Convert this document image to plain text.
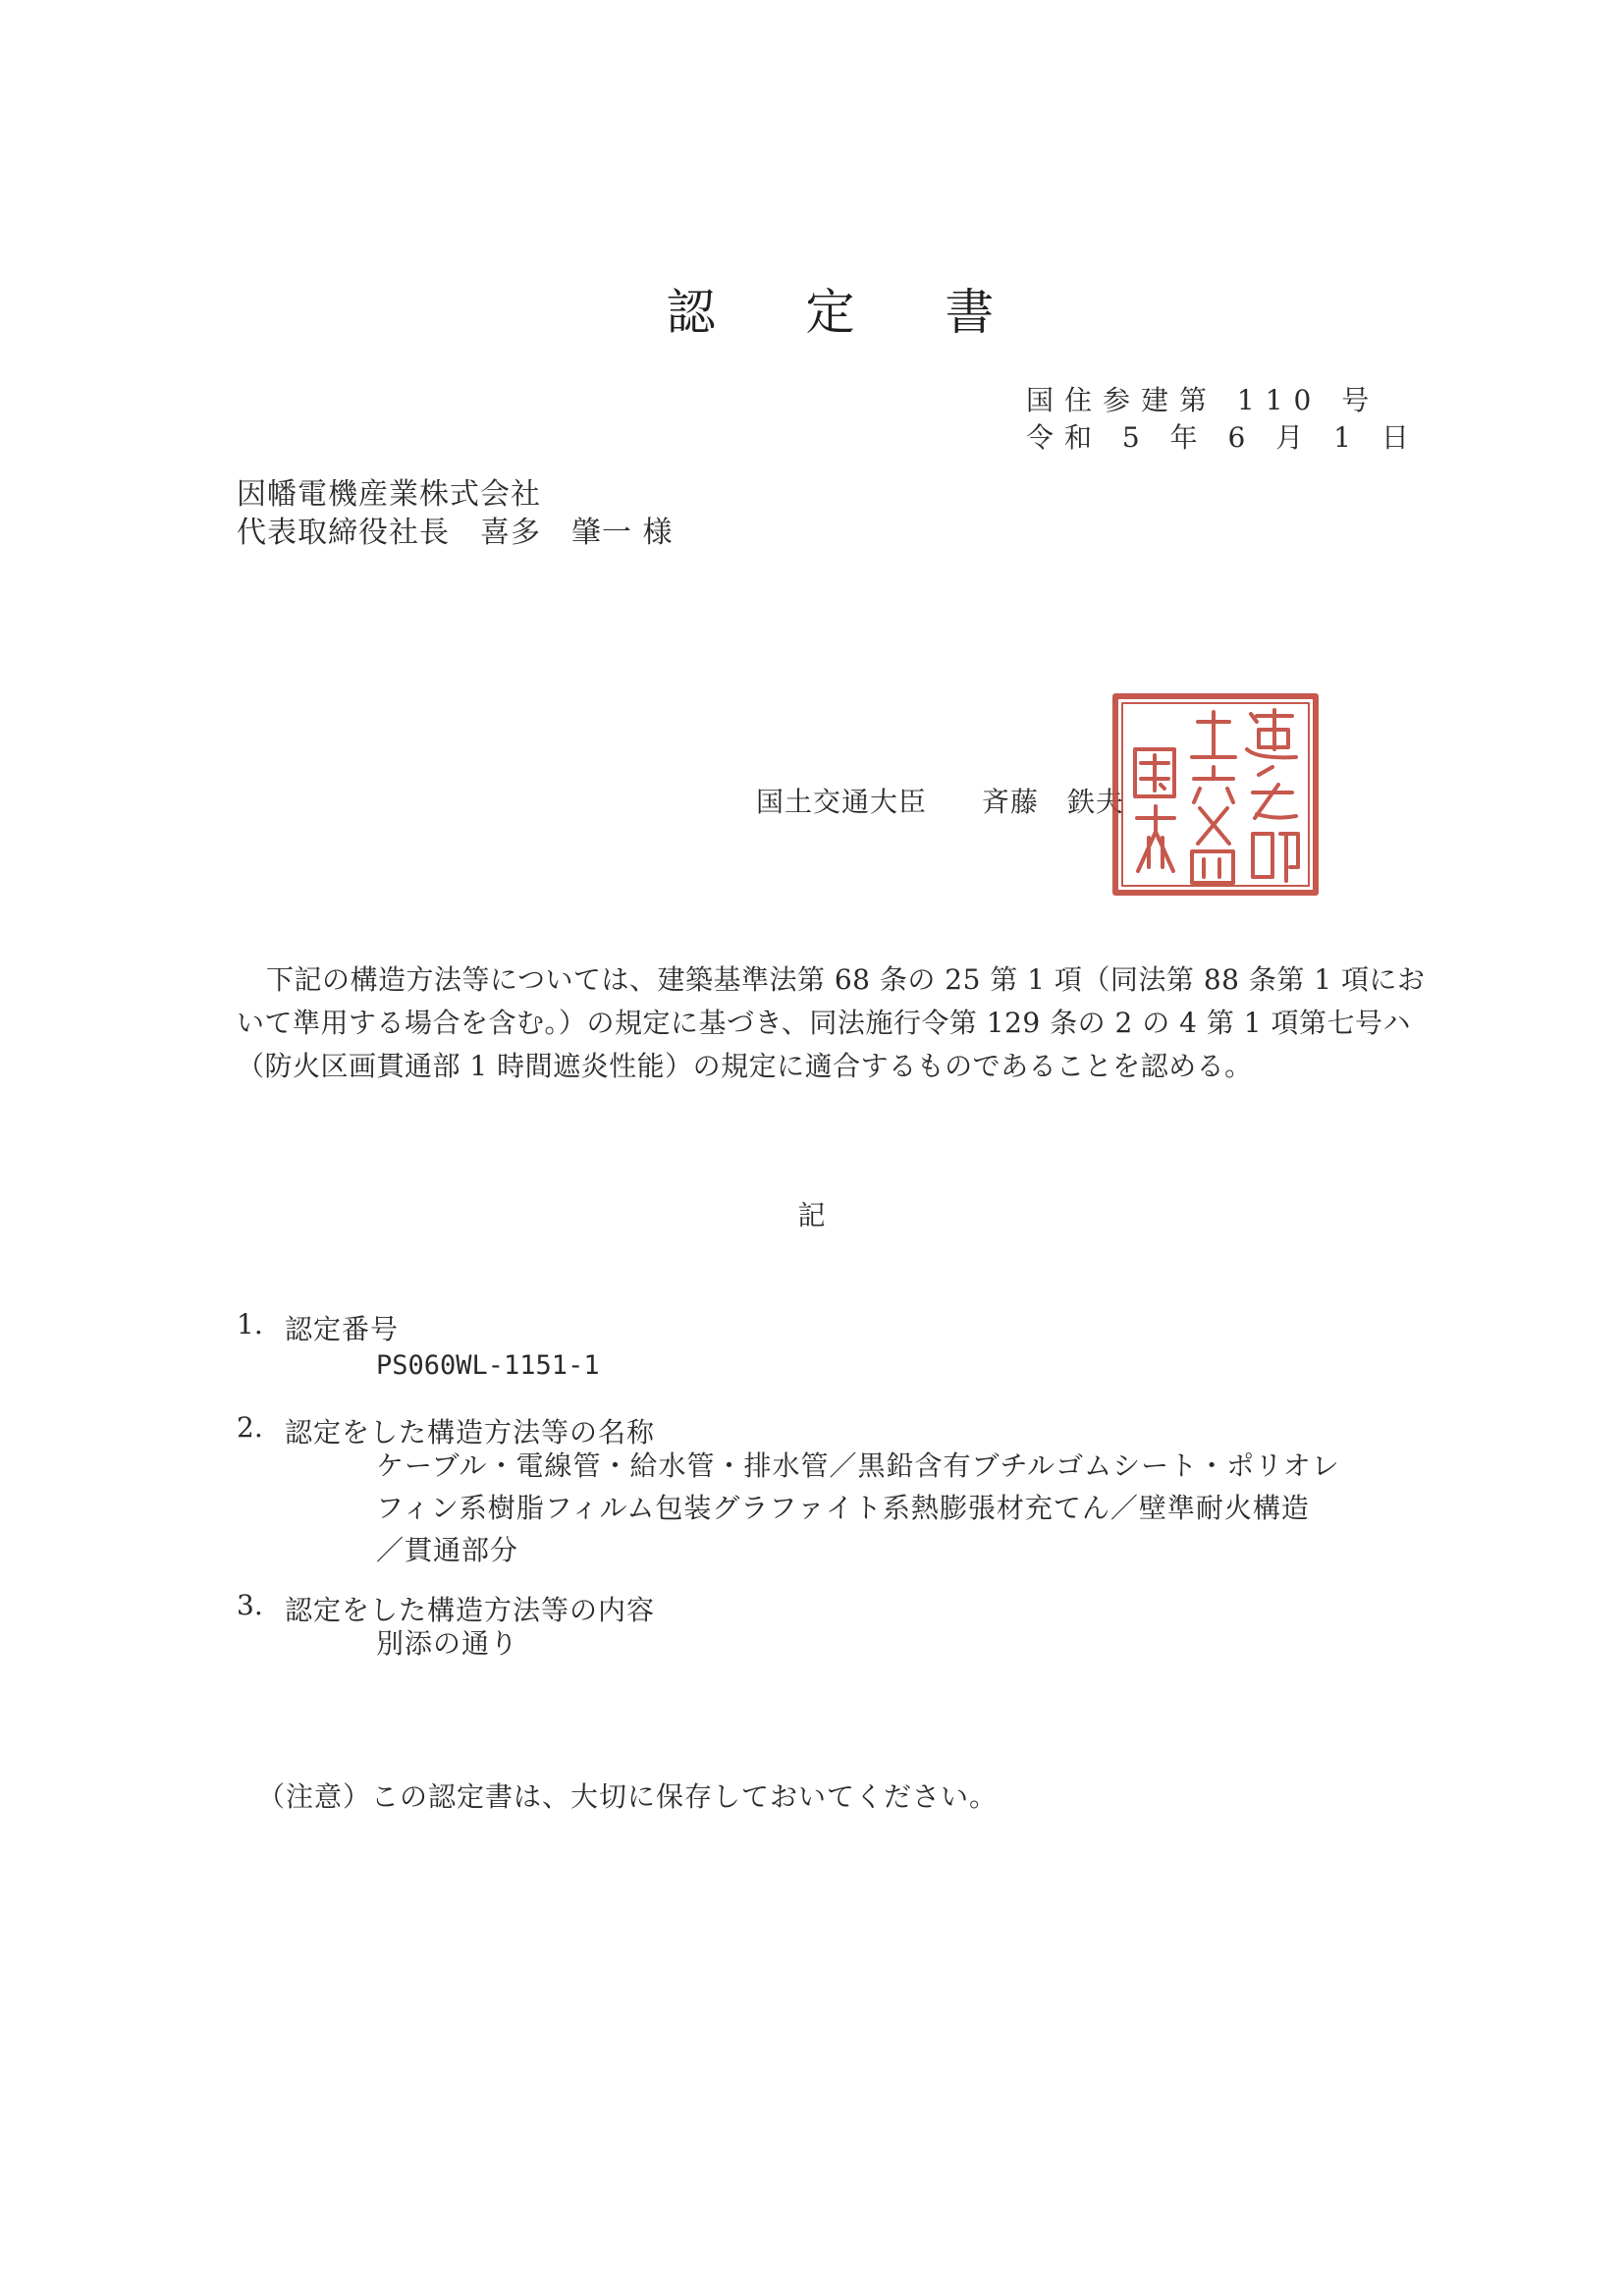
認 定 書
国住参建第 110 号
令和 5 年 6 月 1 日
因幡電機産業株式会社
代表取締役社長　喜多　肇一 様
国土交通大臣 斉藤　鉄夫
下記の構造方法等については、建築基準法第 68 条の 25 第 1 項（同法第 88 条第 1 項にお
いて準用する場合を含む。）の規定に基づき、同法施行令第 129 条の 2 の 4 第 1 項第七号ハ
（防火区画貫通部 1 時間遮炎性能）の規定に適合するものであることを認める。
記
1. 認定番号
PS060WL-1151-1
2. 認定をした構造方法等の名称
ケーブル・電線管・給水管・排水管／黒鉛含有ブチルゴムシート・ポリオレ
フィン系樹脂フィルム包装グラファイト系熱膨張材充てん／壁準耐火構造
／貫通部分
3. 認定をした構造方法等の内容
別添の通り
（注意）この認定書は、大切に保存しておいてください。
